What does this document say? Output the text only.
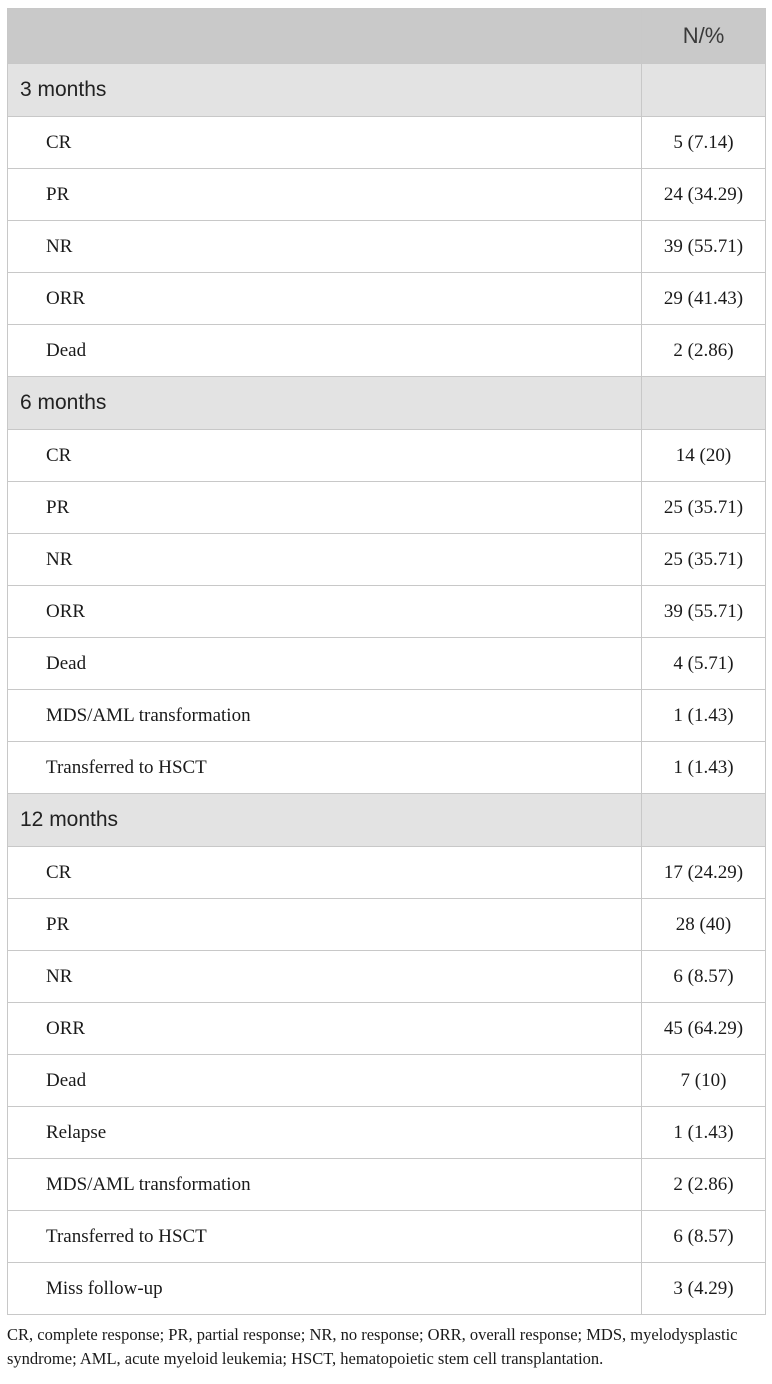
	N/%
3 months	
CR	5 (7.14)
PR	24 (34.29)
NR	39 (55.71)
ORR	29 (41.43)
Dead	2 (2.86)
6 months	
CR	14 (20)
PR	25 (35.71)
NR	25 (35.71)
ORR	39 (55.71)
Dead	4 (5.71)
MDS/AML transformation	1 (1.43)
Transferred to HSCT	1 (1.43)
12 months	
CR	17 (24.29)
PR	28 (40)
NR	6 (8.57)
ORR	45 (64.29)
Dead	7 (10)
Relapse	1 (1.43)
MDS/AML transformation	2 (2.86)
Transferred to HSCT	6 (8.57)
Miss follow-up	3 (4.29)
CR, complete response; PR, partial response; NR, no response; ORR, overall response; MDS, myelodysplastic syndrome; AML, acute myeloid leukemia; HSCT, hematopoietic stem cell transplantation.
